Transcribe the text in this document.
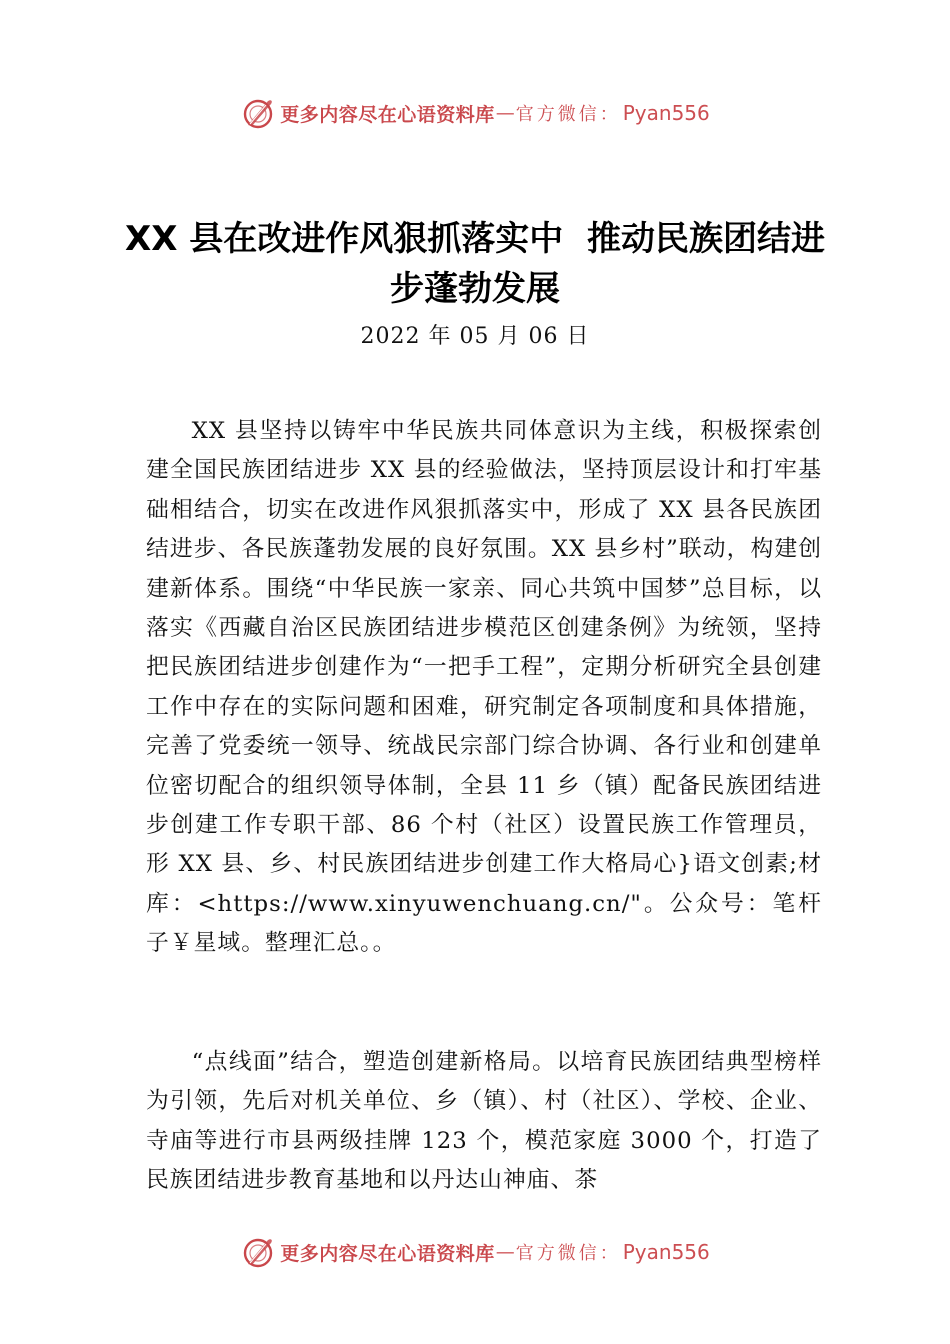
更多内容尽在心语资料库 — 官方微信： Pyan556
XX 县在改进作风狠抓落实中  推动民族团结进步蓬勃发展
2022 年 05 月 06 日

XX 县坚持以铸牢中华民族共同体意识为主线，积极探索创建全国民族团结进步 XX 县的经验做法，坚持顶层设计和打牢基础相结合，切实在改进作风狠抓落实中，形成了 XX 县各民族团结进步、各民族蓬勃发展的良好氛围。XX 县乡村”联动，构建创建新体系。围绕“中华民族一家亲、同心共筑中国梦”总目标，以落实《西藏自治区民族团结进步模范区创建条例》为统领，坚持把民族团结进步创建作为“一把手工程”，定期分析研究全县创建工作中存在的实际问题和困难，研究制定各项制度和具体措施，完善了党委统一领导、统战民宗部门综合协调、各行业和创建单位密切配合的组织领导体制，全县 11 乡（镇）配备民族团结进步创建工作专职干部、86 个村（社区）设置民族工作管理员， 形 XX 县、乡、村民族团结进步创建工作大格局心}语文创素;材库：<https://www.xinyuwenchuang.cn/"。公众号：笔杆子￥星域。整理汇总。。

“点线面”结合，塑造创建新格局。以培育民族团结典型榜样为引领，先后对机关单位、乡（镇）、村（社区）、学校、企业、寺庙等进行市县两级挂牌 123 个，模范家庭 3000 个，打造了民族团结进步教育基地和以丹达山神庙、茶

更多内容尽在心语资料库 — 官方微信： Pyan556
